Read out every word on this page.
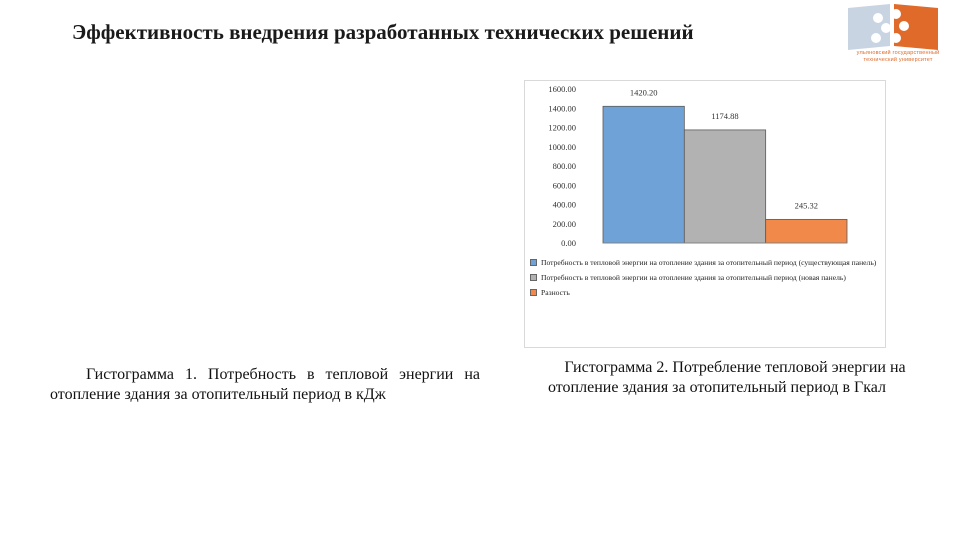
Эффективность внедрения разработанных технических решений
ульяновский государственный технический университет
0.00
200.00
400.00
600.00
800.00
1000.00
1200.00
1400.00
1600.00	1420.20
1174.88
245.32
Потребность в тепловой энергии на отопление здания за отопительный период (существующая панель)
Потребность в тепловой энергии на отопление здания за отопительный период (новая панель)
Разность
Гистограмма 1. Потребность в тепловой энергии на отопление здания за отопительный период в кДж
Гистограмма 2. Потребление тепловой энергии на отопление здания за отопительный период в Гкал
